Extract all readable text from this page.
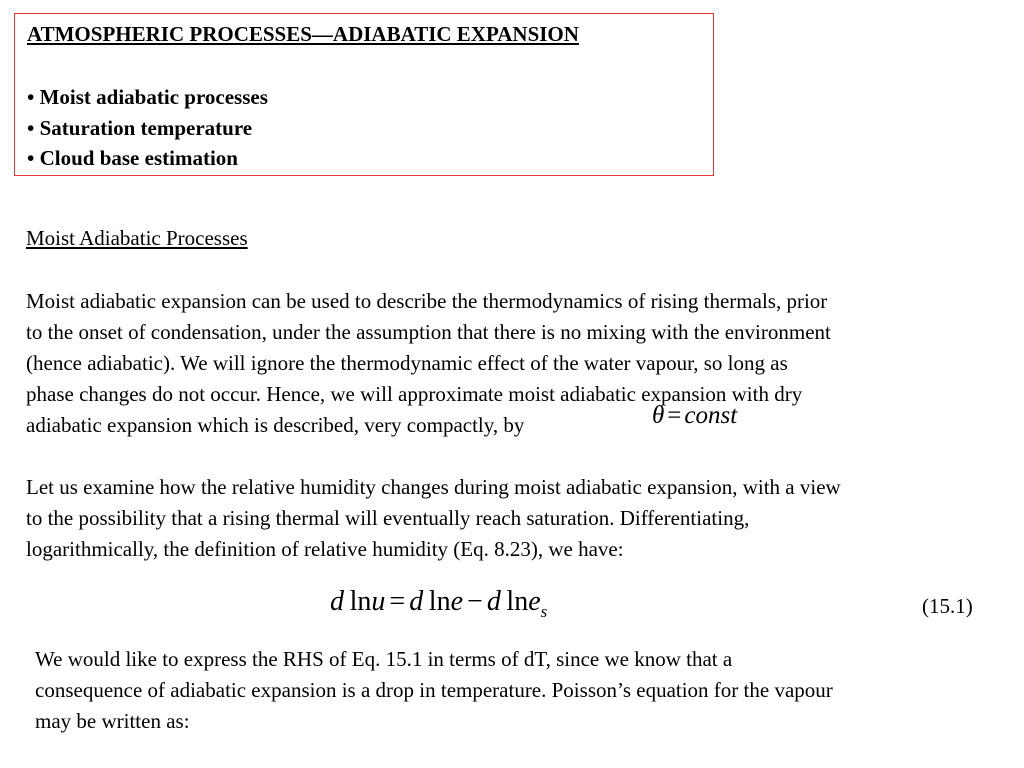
ATMOSPHERIC PROCESSES—ADIABATIC EXPANSION
• Moist adiabatic processes
• Saturation temperature
• Cloud base estimation
Moist Adiabatic Processes

Moist adiabatic expansion can be used to describe the thermodynamics of rising thermals, prior
to the onset of condensation, under the assumption that there is no mixing with the environment
(hence adiabatic). We will ignore the thermodynamic effect of the water vapour, so long as
phase changes do not occur. Hence, we will approximate moist adiabatic expansion with dry
adiabatic expansion which is described, very compactly, by	θ = const

Let us examine how the relative humidity changes during moist adiabatic expansion, with a view
to the possibility that a rising thermal will eventually reach saturation. Differentiating,
logarithmically, the definition of relative humidity (Eq. 8.23), we have:

d  lnu = d  lne − d  lne$_s$	(15.1)

We would like to express the RHS of Eq. 15.1 in terms of dT, since we know that a
consequence of adiabatic expansion is a drop in temperature. Poisson’s equation for the vapour
may be written as:
